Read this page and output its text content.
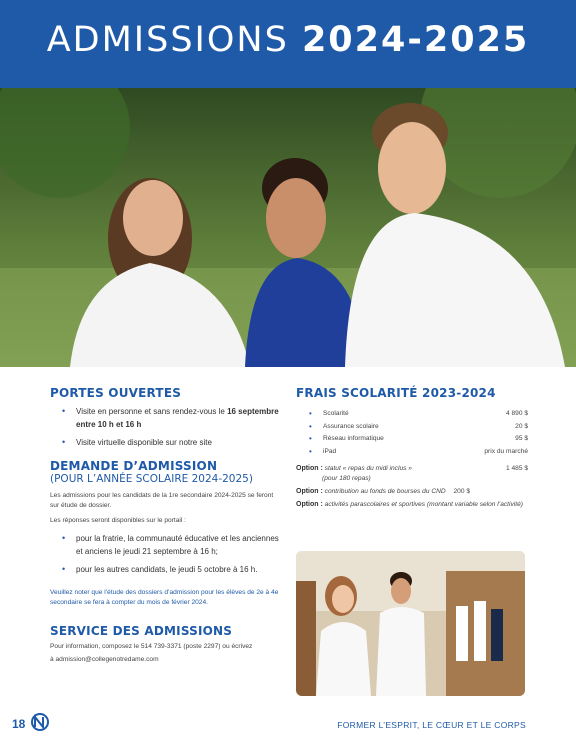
ADMISSIONS 2024-2025
PORTES OUVERTES
• Visite en personne et sans rendez-vous le 16 septembre entre 10 h et 16 h
• Visite virtuelle disponible sur notre site
DEMANDE D’ADMISSION
(POUR L’ANNÉE SCOLAIRE 2024-2025)

Les admissions pour les candidats de la 1re secondaire 2024-2025 se feront sur étude de dossier.

Les réponses seront disponibles sur le portail :

• pour la fratrie, la communauté éducative et les anciennes et anciens le jeudi 21 septembre à 16 h;
• pour les autres candidats, le jeudi 5 octobre à 16 h.

Veuillez noter que l’étude des dossiers d’admission pour les élèves de 2e à 4e secondaire se fera à compter du mois de février 2024.

SERVICE DES ADMISSIONS

Pour information, composez le 514 739-3371 (poste 2297) ou écrivez

à admission@collegenotredame.com

FRAIS SCOLARITÉ 2023-2024
• Scolarité	4 890 $
• Assurance scolaire	20 $
• Réseau informatique	95 $
• iPad	prix du marché
Option : statut « repas du midi inclus »	1 485 $
(pour 180 repas)
Option : contribution au fonds de bourses du CND 200 $
Option : activités parascolaires et sportives (montant variable selon l’activité)
18	FORMER L’ESPRIT, LE CŒUR ET LE CORPS
